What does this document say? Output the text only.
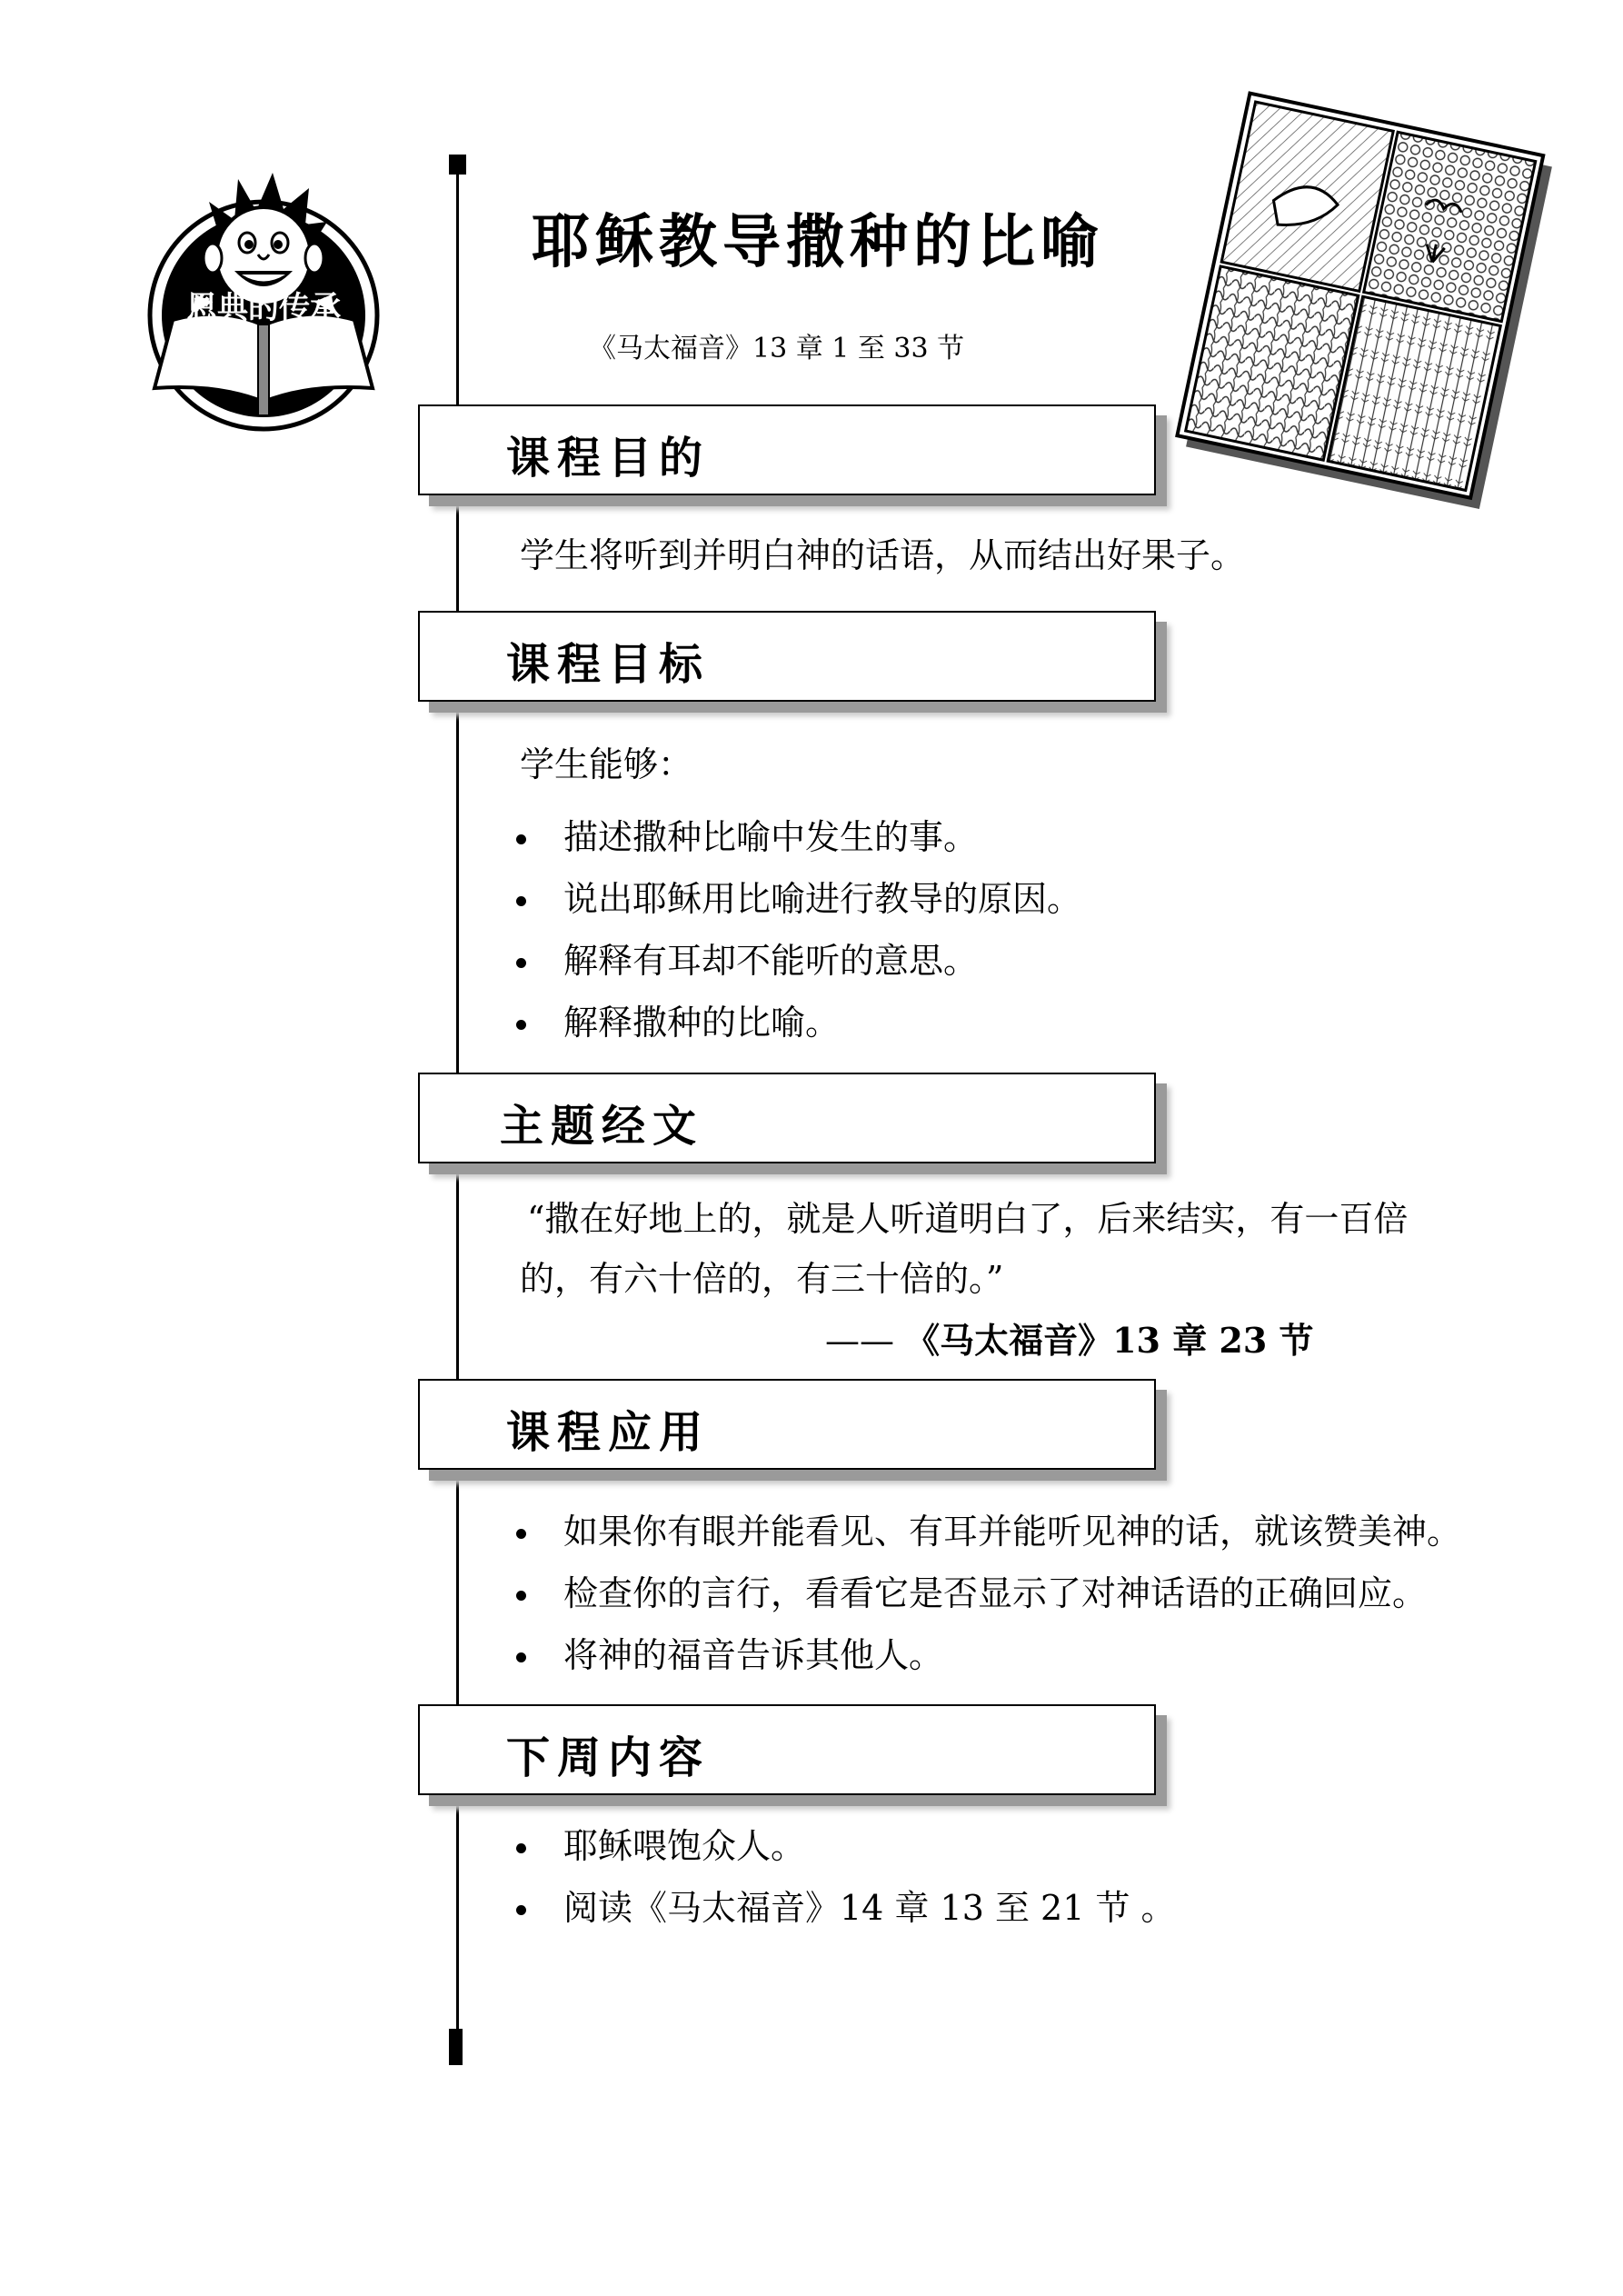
恩典的传承
耶稣教导撒种的比喻
《马太福音》13 章 1 至 33 节
课程目的
学生将听到并明白神的话语，从而结出好果子。
课程目标
学生能够：
描述撒种比喻中发生的事。
说出耶稣用比喻进行教导的原因。
解释有耳却不能听的意思。
解释撒种的比喻。
主题经文
“撒在好地上的，就是人听道明白了，后来结实，有一百倍
的，有六十倍的，有三十倍的。”
—— 《马太福音》13 章 23 节
课程应用
如果你有眼并能看见、有耳并能听见神的话，就该赞美神。
检查你的言行，看看它是否显示了对神话语的正确回应。
将神的福音告诉其他人。
下周内容
耶稣喂饱众人。
阅读《马太福音》14 章 13 至 21 节 。
